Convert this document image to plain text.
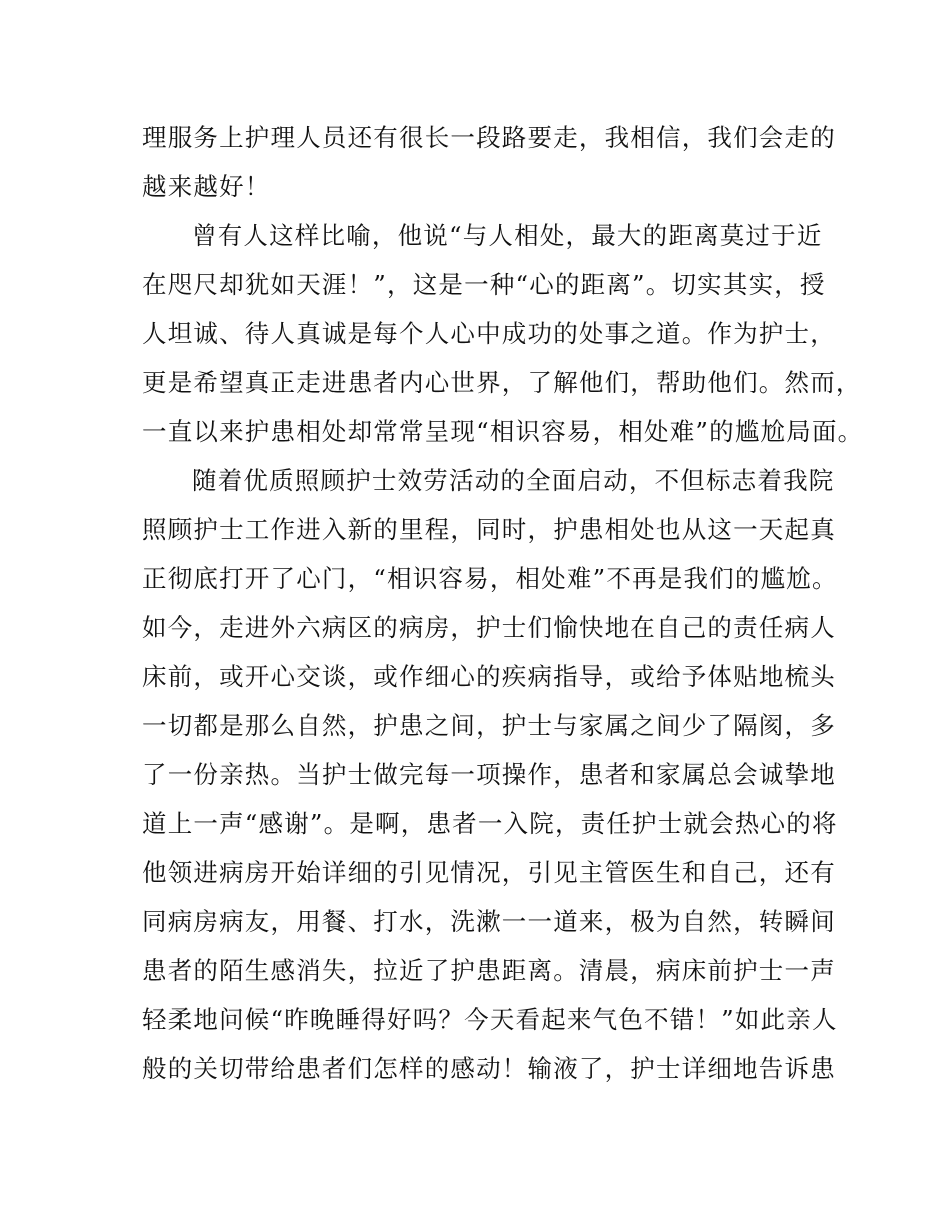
理服务上护理人员还有很长一段路要走，我相信，我们会走的
越来越好！
曾有人这样比喻，他说“与人相处，最大的距离莫过于近
在咫尺却犹如天涯！”，这是一种“心的距离”。切实其实，授
人坦诚、待人真诚是每个人心中成功的处事之道。作为护士，
更是希望真正走进患者内心世界，了解他们，帮助他们。然而，
一直以来护患相处却常常呈现“相识容易，相处难”的尴尬局面。
随着优质照顾护士效劳活动的全面启动，不但标志着我院
照顾护士工作进入新的里程，同时，护患相处也从这一天起真
正彻底打开了心门，“相识容易，相处难”不再是我们的尴尬。
如今，走进外六病区的病房，护士们愉快地在自己的责任病人
床前，或开心交谈，或作细心的疾病指导，或给予体贴地梳头
一切都是那么自然，护患之间，护士与家属之间少了隔阂，多
了一份亲热。当护士做完每一项操作，患者和家属总会诚挚地
道上一声“感谢”。是啊，患者一入院，责任护士就会热心的将
他领进病房开始详细的引见情况，引见主管医生和自己，还有
同病房病友，用餐、打水，洗漱一一道来，极为自然，转瞬间
患者的陌生感消失，拉近了护患距离。清晨，病床前护士一声
轻柔地问候“昨晚睡得好吗？今天看起来气色不错！”如此亲人
般的关切带给患者们怎样的感动！输液了，护士详细地告诉患
